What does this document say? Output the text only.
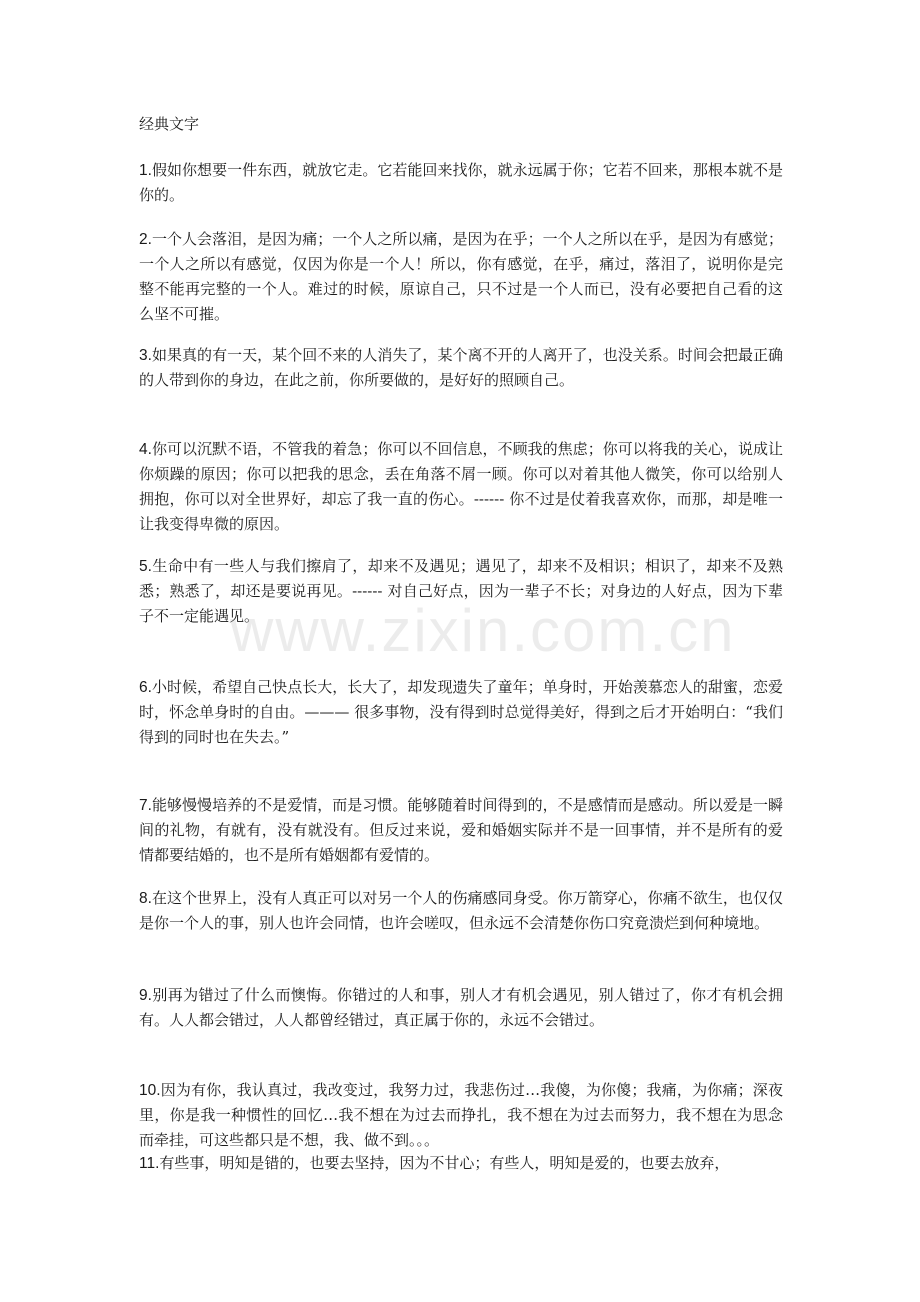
www.zixin.com.cn
经典文字

1.假如你想要一件东西，就放它走。它若能回来找你，就永远属于你；它若不回来，那根本就不是你的。

2.一个人会落泪，是因为痛；一个人之所以痛，是因为在乎；一个人之所以在乎，是因为有感觉；一个人之所以有感觉，仅因为你是一个人！所以，你有感觉，在乎，痛过，落泪了，说明你是完整不能再完整的一个人。难过的时候，原谅自己，只不过是一个人而已，没有必要把自己看的这么坚不可摧。

3.如果真的有一天，某个回不来的人消失了，某个离不开的人离开了，也没关系。时间会把最正确的人带到你的身边，在此之前，你所要做的，是好好的照顾自己。

4.你可以沉默不语，不管我的着急；你可以不回信息，不顾我的焦虑；你可以将我的关心，说成让你烦躁的原因；你可以把我的思念，丢在角落不屑一顾。你可以对着其他人微笑，你可以给别人拥抱，你可以对全世界好，却忘了我一直的伤心。------ 你不过是仗着我喜欢你，而那，却是唯一让我变得卑微的原因。

5.生命中有一些人与我们擦肩了，却来不及遇见；遇见了，却来不及相识；相识了，却来不及熟悉；熟悉了，却还是要说再见。------ 对自己好点，因为一辈子不长；对身边的人好点，因为下辈子不一定能遇见。

6.小时候，希望自己快点长大，长大了，却发现遗失了童年；单身时，开始羡慕恋人的甜蜜，恋爱时，怀念单身时的自由。——— 很多事物，没有得到时总觉得美好，得到之后才开始明白：“我们得到的同时也在失去。”

7.能够慢慢培养的不是爱情，而是习惯。能够随着时间得到的，不是感情而是感动。所以爱是一瞬间的礼物，有就有，没有就没有。但反过来说，爱和婚姻实际并不是一回事情，并不是所有的爱情都要结婚的，也不是所有婚姻都有爱情的。

8.在这个世界上，没有人真正可以对另一个人的伤痛感同身受。你万箭穿心，你痛不欲生，也仅仅是你一个人的事，别人也许会同情，也许会嗟叹，但永远不会清楚你伤口究竟溃烂到何种境地。

9.别再为错过了什么而懊悔。你错过的人和事，别人才有机会遇见，别人错过了，你才有机会拥有。人人都会错过，人人都曾经错过，真正属于你的，永远不会错过。

10.因为有你，我认真过，我改变过，我努力过，我悲伤过…我傻，为你傻；我痛，为你痛；深夜里，你是我一种惯性的回忆…我不想在为过去而挣扎，我不想在为过去而努力，我不想在为思念而牵挂，可这些都只是不想，我、做不到。。。

11.有些事，明知是错的，也要去坚持，因为不甘心；有些人，明知是爱的，也要去放弃，
